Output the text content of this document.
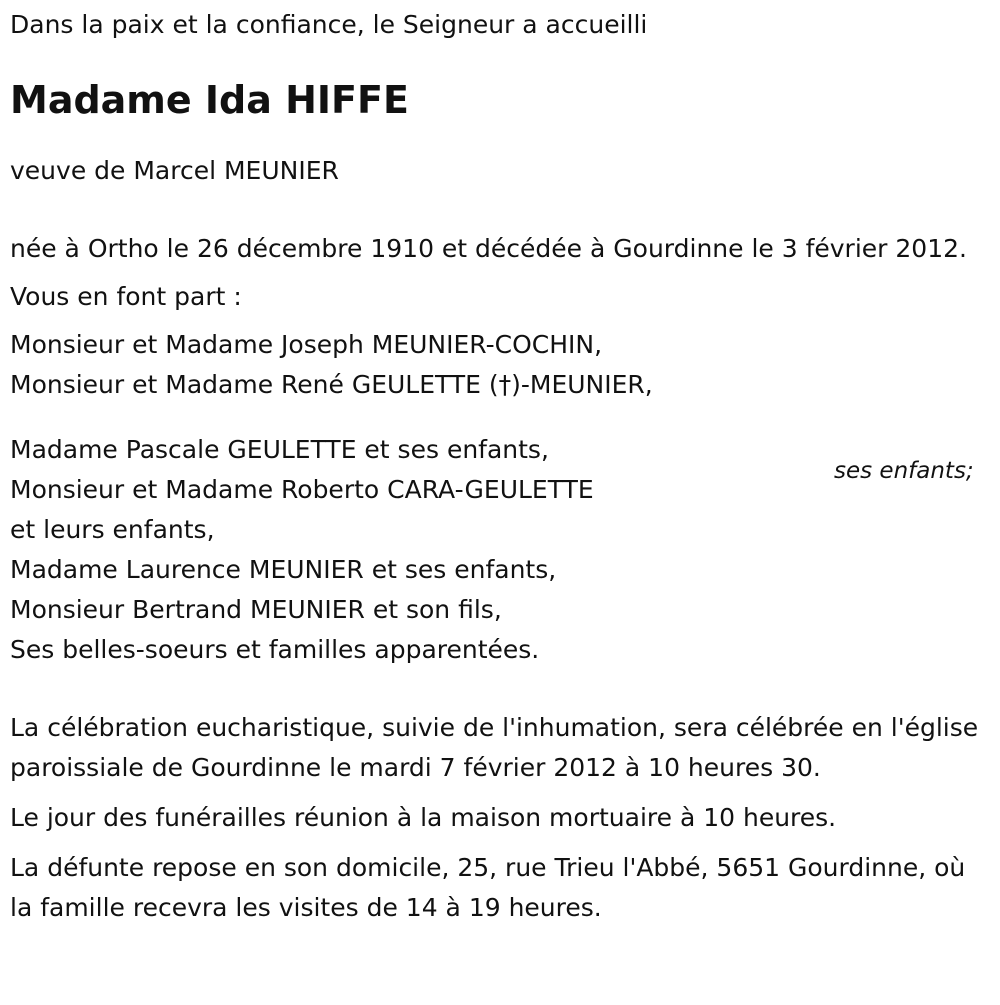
Dans la paix et la confiance, le Seigneur a accueilli
Madame Ida HIFFE
veuve de Marcel MEUNIER
née à Ortho le 26 décembre 1910 et décédée à Gourdinne le 3 février 2012.
Vous en font part :
Monsieur et Madame Joseph MEUNIER-COCHIN,
Monsieur et Madame René GEULETTE (†)-MEUNIER,
Madame Pascale GEULETTE et ses enfants,
Monsieur et Madame Roberto CARA-GEULETTE
et leurs enfants,
Madame Laurence MEUNIER et ses enfants,
Monsieur Bertrand MEUNIER et son fils,
Ses belles-soeurs et familles apparentées.
La célébration eucharistique, suivie de l'inhumation, sera célébrée en l'église paroissiale de Gourdinne le mardi 7 février 2012 à 10 heures 30.
Le jour des funérailles réunion à la maison mortuaire à 10 heures.
La défunte repose en son domicile, 25, rue Trieu l'Abbé, 5651 Gourdinne, où la famille recevra les visites de 14 à 19 heures.
ses enfants;
